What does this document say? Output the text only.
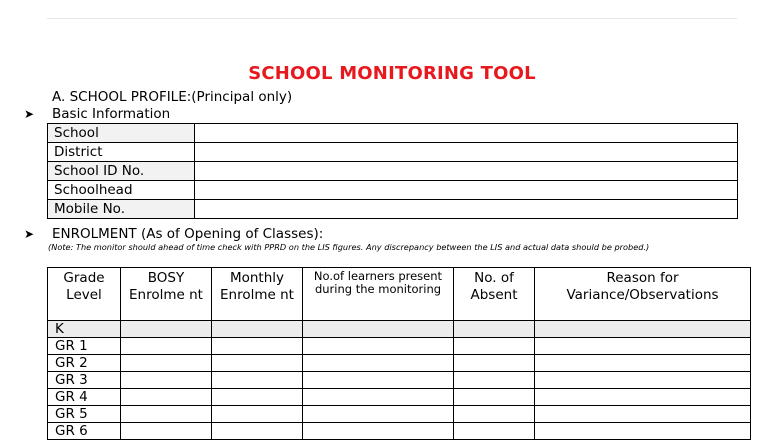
SCHOOL MONITORING TOOL
A. SCHOOL PROFILE:(Principal only)
➤ Basic Information
School	
District	
School ID No.	
Schoolhead	
Mobile No.	
➤ ENROLMENT (As of Opening of Classes):
(Note: The monitor should ahead of time check with PPRD on the LIS figures. Any discrepancy between the LIS and actual data should be probed.)
Grade Level	BOSY Enrolme nt	Monthly Enrolme nt	No.of learners present during the monitoring	No. of Absent	Reason for Variance/Observations
K					
GR 1					
GR 2					
GR 3					
GR 4					
GR 5					
GR 6					
